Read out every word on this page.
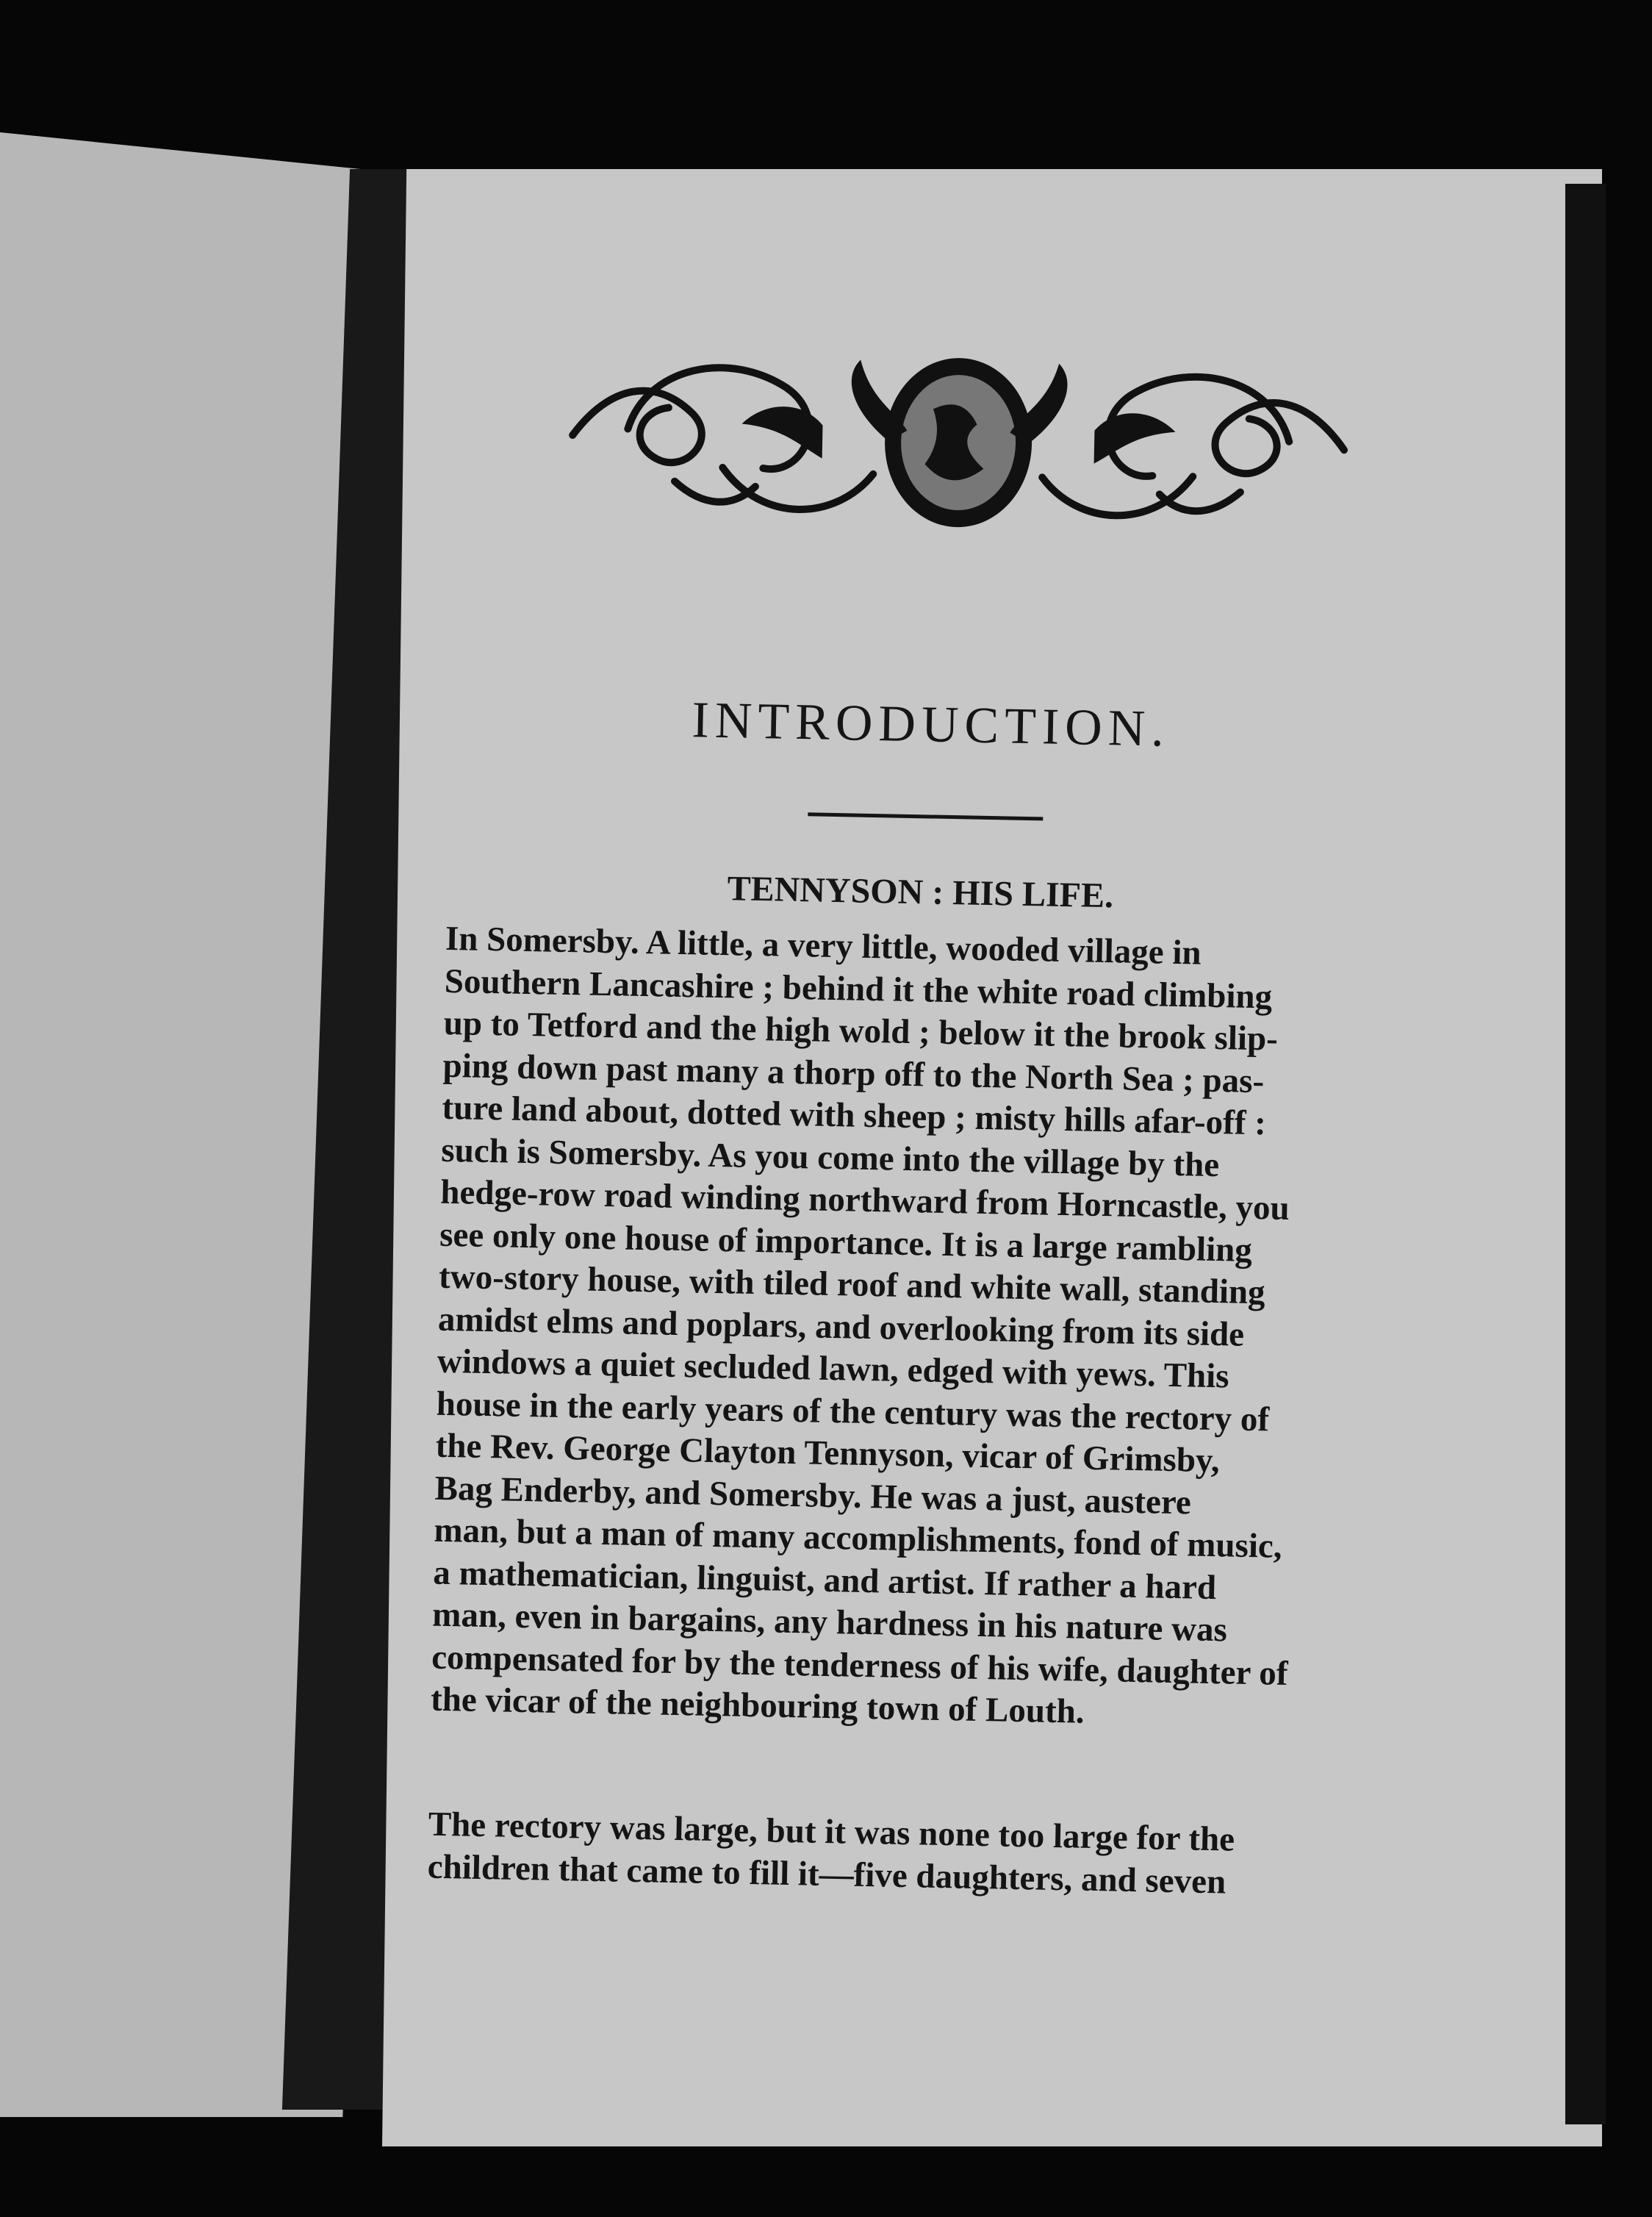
INTRODUCTION.
TENNYSON : HIS LIFE.
In Somersby. A little, a very little, wooded village in
Southern Lancashire ; behind it the white road climbing
up to Tetford and the high wold ; below it the brook slip-
ping down past many a thorp off to the North Sea ; pas-
ture land about, dotted with sheep ; misty hills afar-off :
such is Somersby. As you come into the village by the
hedge-row road winding northward from Horncastle, you
see only one house of importance. It is a large rambling
two-story house, with tiled roof and white wall, standing
amidst elms and poplars, and overlooking from its side
windows a quiet secluded lawn, edged with yews. This
house in the early years of the century was the rectory of
the Rev. George Clayton Tennyson, vicar of Grimsby,
Bag Enderby, and Somersby. He was a just, austere
man, but a man of many accomplishments, fond of music,
a mathematician, linguist, and artist. If rather a hard
man, even in bargains, any hardness in his nature was
compensated for by the tenderness of his wife, daughter of
the vicar of the neighbouring town of Louth.
The rectory was large, but it was none too large for the
children that came to fill it—five daughters, and seven
